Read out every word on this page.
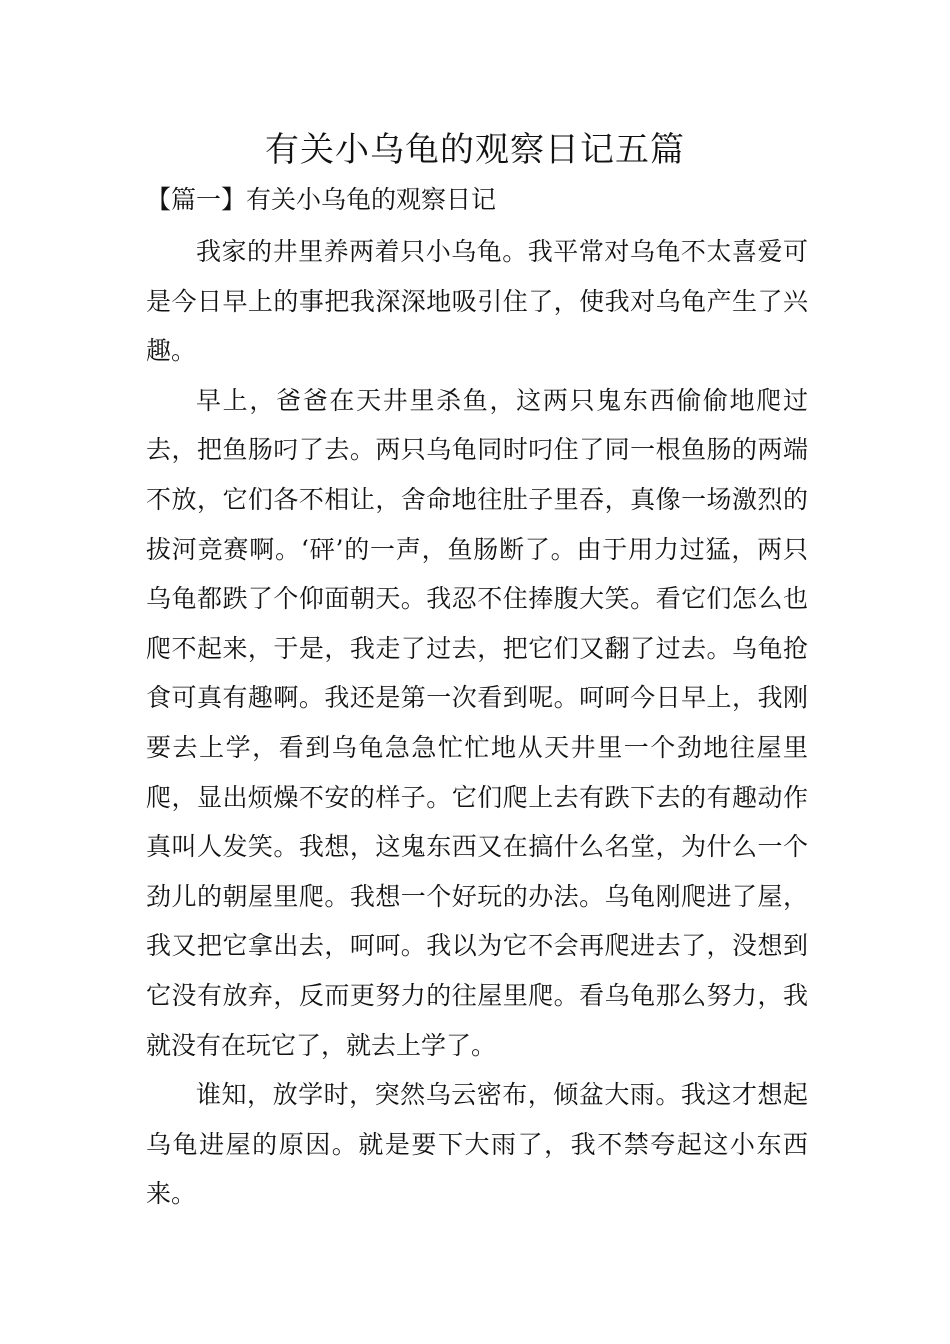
有关小乌龟的观察日记五篇
【篇一】有关小乌龟的观察日记

我家的井里养两着只小乌龟。我平常对乌龟不太喜爱可是今日早上的事把我深深地吸引住了，使我对乌龟产生了兴趣。

早上，爸爸在天井里杀鱼，这两只鬼东西偷偷地爬过去，把鱼肠叼了去。两只乌龟同时叼住了同一根鱼肠的两端不放，它们各不相让，舍命地往肚子里吞，真像一场激烈的拔河竞赛啊。‘砰’的一声，鱼肠断了。由于用力过猛，两只乌龟都跌了个仰面朝天。我忍不住捧腹大笑。看它们怎么也爬不起来，于是，我走了过去，把它们又翻了过去。乌龟抢食可真有趣啊。我还是第一次看到呢。呵呵今日早上，我刚要去上学，看到乌龟急急忙忙地从天井里一个劲地往屋里爬，显出烦燥不安的样子。它们爬上去有跌下去的有趣动作真叫人发笑。我想，这鬼东西又在搞什么名堂，为什么一个劲儿的朝屋里爬。我想一个好玩的办法。乌龟刚爬进了屋，我又把它拿出去，呵呵。我以为它不会再爬进去了，没想到它没有放弃，反而更努力的往屋里爬。看乌龟那么努力，我就没有在玩它了，就去上学了。

谁知，放学时，突然乌云密布，倾盆大雨。我这才想起乌龟进屋的原因。就是要下大雨了，我不禁夸起这小东西来。
